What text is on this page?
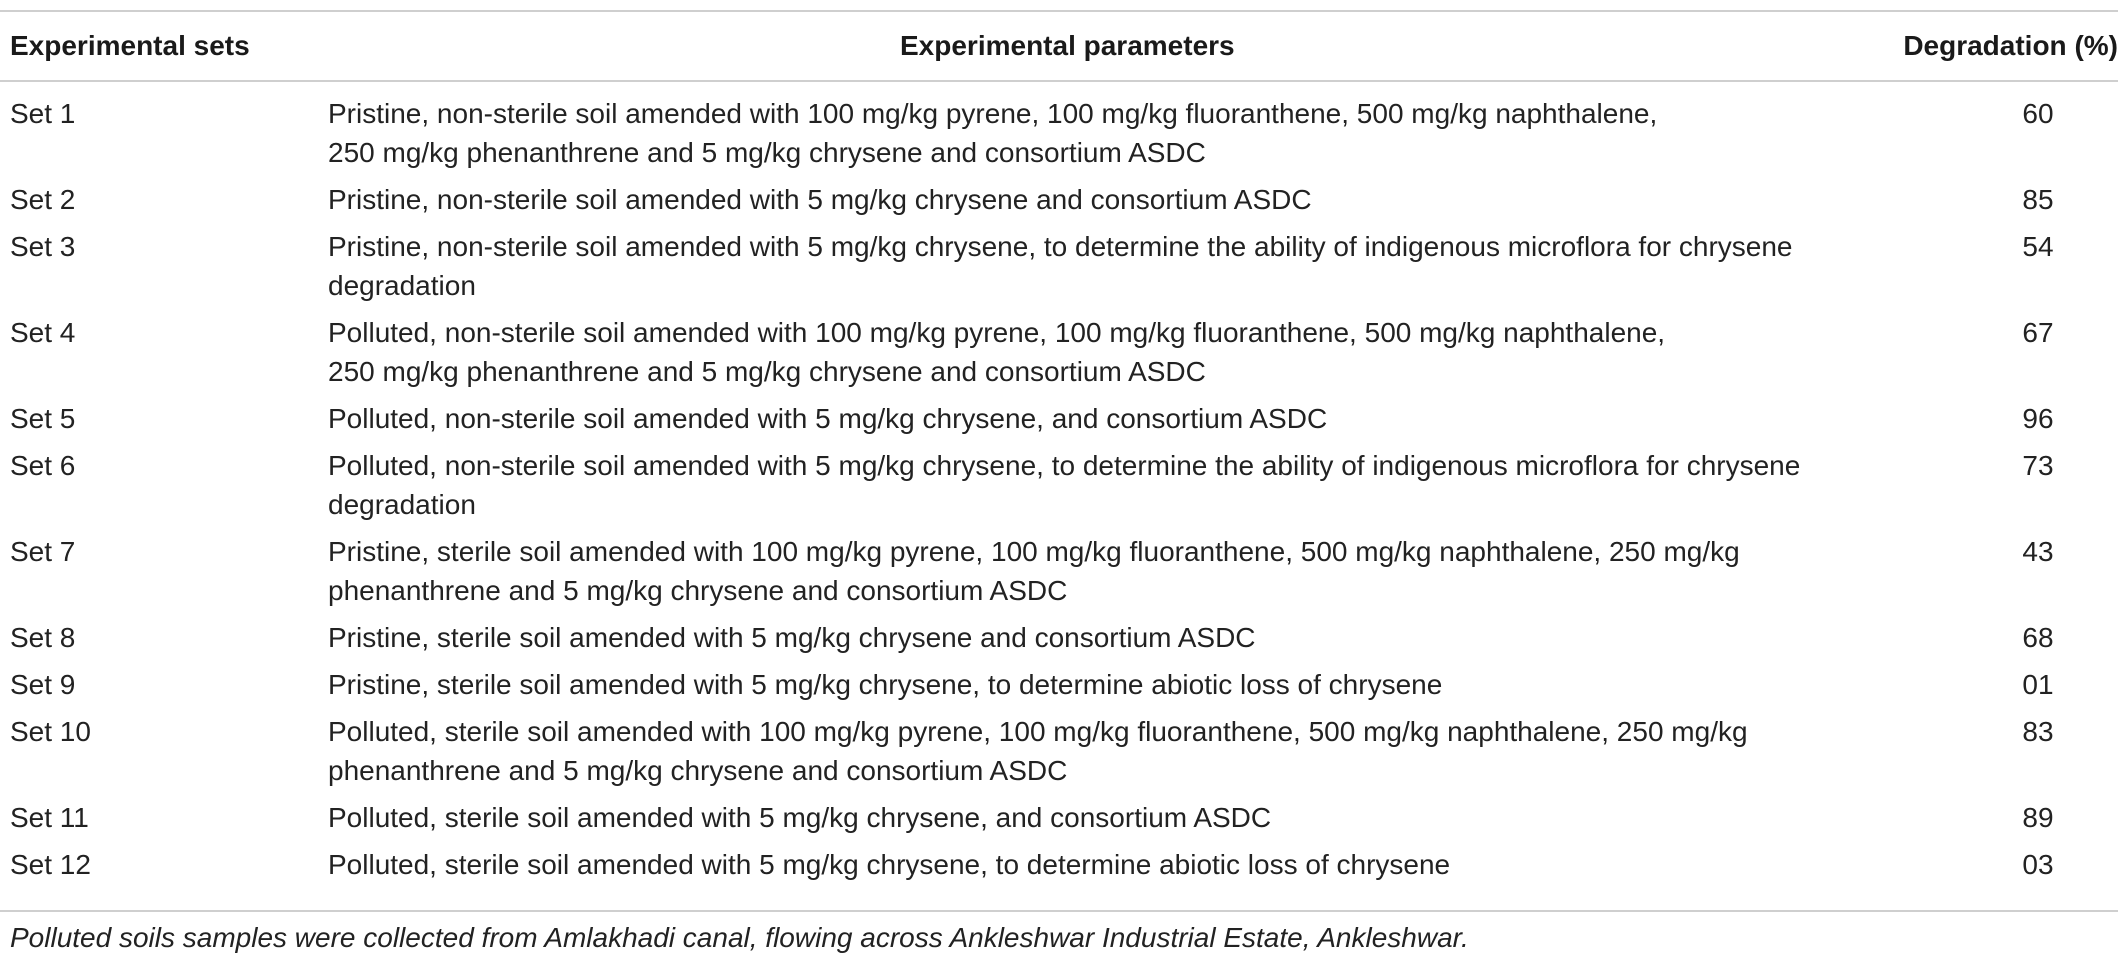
Experimental sets	Experimental parameters	Degradation (%)
Set 1	Pristine, non-sterile soil amended with 100 mg/kg pyrene, 100 mg/kg fluoranthene, 500 mg/kg naphthalene,
250 mg/kg phenanthrene and 5 mg/kg chrysene and consortium ASDC	60
Set 2	Pristine, non-sterile soil amended with 5 mg/kg chrysene and consortium ASDC	85
Set 3	Pristine, non-sterile soil amended with 5 mg/kg chrysene, to determine the ability of indigenous microflora for chrysene
degradation	54
Set 4	Polluted, non-sterile soil amended with 100 mg/kg pyrene, 100 mg/kg fluoranthene, 500 mg/kg naphthalene,
250 mg/kg phenanthrene and 5 mg/kg chrysene and consortium ASDC	67
Set 5	Polluted, non-sterile soil amended with 5 mg/kg chrysene, and consortium ASDC	96
Set 6	Polluted, non-sterile soil amended with 5 mg/kg chrysene, to determine the ability of indigenous microflora for chrysene
degradation	73
Set 7	Pristine, sterile soil amended with 100 mg/kg pyrene, 100 mg/kg fluoranthene, 500 mg/kg naphthalene, 250 mg/kg
phenanthrene and 5 mg/kg chrysene and consortium ASDC	43
Set 8	Pristine, sterile soil amended with 5 mg/kg chrysene and consortium ASDC	68
Set 9	Pristine, sterile soil amended with 5 mg/kg chrysene, to determine abiotic loss of chrysene	01
Set 10	Polluted, sterile soil amended with 100 mg/kg pyrene, 100 mg/kg fluoranthene, 500 mg/kg naphthalene, 250 mg/kg
phenanthrene and 5 mg/kg chrysene and consortium ASDC	83
Set 11	Polluted, sterile soil amended with 5 mg/kg chrysene, and consortium ASDC	89
Set 12	Polluted, sterile soil amended with 5 mg/kg chrysene, to determine abiotic loss of chrysene	03
Polluted soils samples were collected from Amlakhadi canal, flowing across Ankleshwar Industrial Estate, Ankleshwar.
